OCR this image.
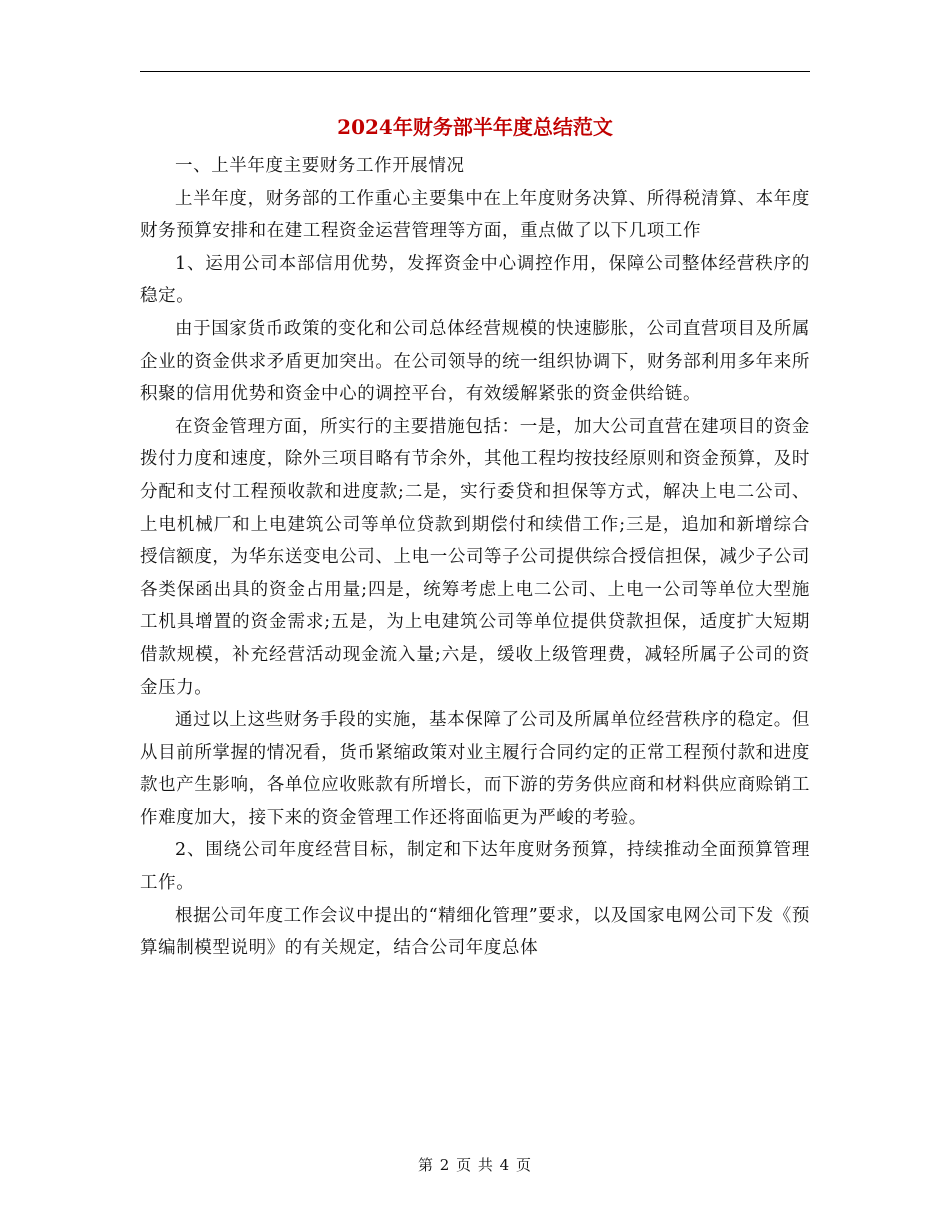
2024年财务部半年度总结范文

一、上半年度主要财务工作开展情况

上半年度，财务部的工作重心主要集中在上年度财务决算、所得税清算、本年度财务预算安排和在建工程资金运营管理等方面，重点做了以下几项工作

1、运用公司本部信用优势，发挥资金中心调控作用，保障公司整体经营秩序的稳定。

由于国家货币政策的变化和公司总体经营规模的快速膨胀，公司直营项目及所属企业的资金供求矛盾更加突出。在公司领导的统一组织协调下，财务部利用多年来所积聚的信用优势和资金中心的调控平台，有效缓解紧张的资金供给链。

在资金管理方面，所实行的主要措施包括：一是，加大公司直营在建项目的资金拨付力度和速度，除外三项目略有节余外，其他工程均按技经原则和资金预算，及时分配和支付工程预收款和进度款;二是，实行委贷和担保等方式，解决上电二公司、上电机械厂和上电建筑公司等单位贷款到期偿付和续借工作;三是，追加和新增综合授信额度，为华东送变电公司、上电一公司等子公司提供综合授信担保，减少子公司各类保函出具的资金占用量;四是，统筹考虑上电二公司、上电一公司等单位大型施工机具增置的资金需求;五是，为上电建筑公司等单位提供贷款担保，适度扩大短期借款规模，补充经营活动现金流入量;六是，缓收上级管理费，减轻所属子公司的资金压力。

通过以上这些财务手段的实施，基本保障了公司及所属单位经营秩序的稳定。但从目前所掌握的情况看，货币紧缩政策对业主履行合同约定的正常工程预付款和进度款也产生影响，各单位应收账款有所增长，而下游的劳务供应商和材料供应商赊销工作难度加大，接下来的资金管理工作还将面临更为严峻的考验。

2、围绕公司年度经营目标，制定和下达年度财务预算，持续推动全面预算管理工作。

根据公司年度工作会议中提出的“精细化管理”要求，以及国家电网公司下发《预算编制模型说明》的有关规定，结合公司年度总体

第 2 页 共 4 页
